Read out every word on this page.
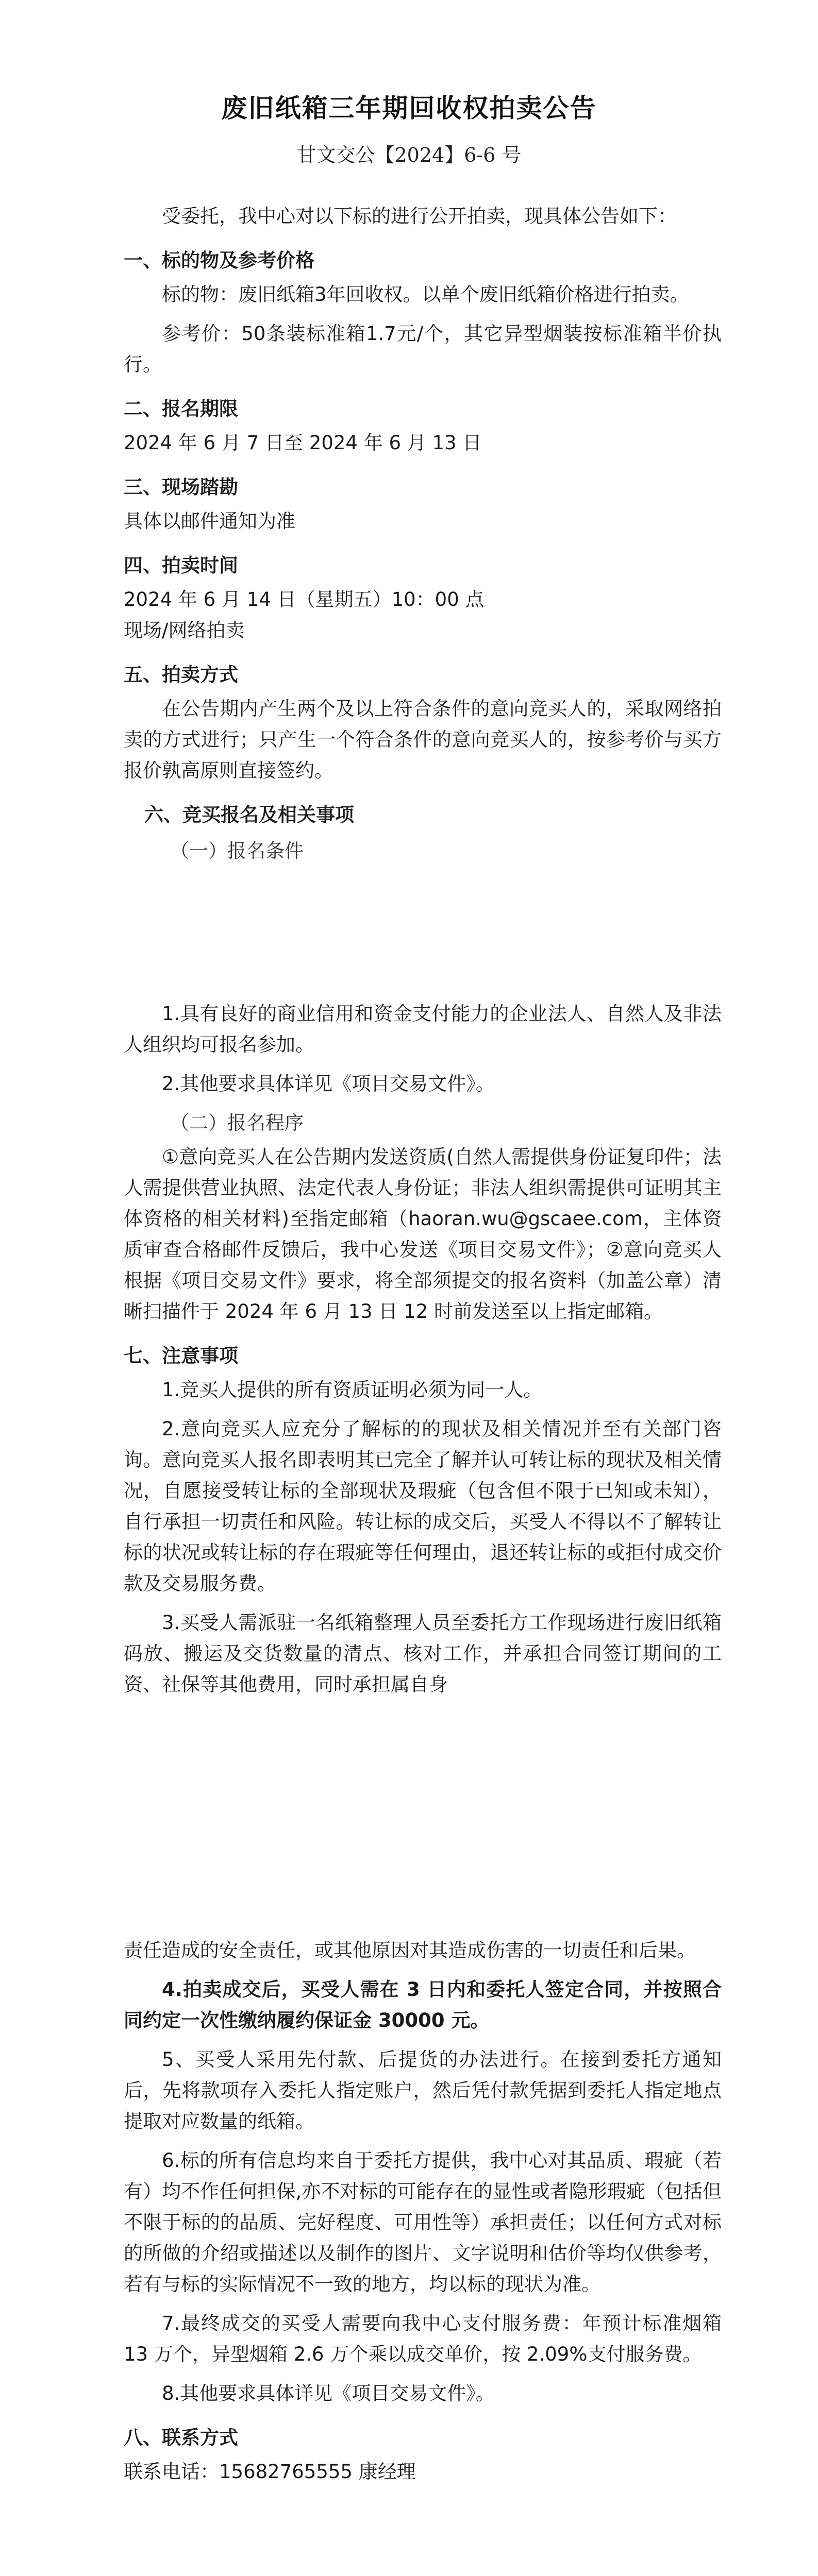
废旧纸箱三年期回收权拍卖公告
甘文交公【2024】6-6 号

受委托，我中心对以下标的进行公开拍卖，现具体公告如下：

一、标的物及参考价格

标的物：废旧纸箱3年回收权。以单个废旧纸箱价格进行拍卖。

参考价：50条装标准箱1.7元/个，其它异型烟装按标准箱半价执行。

二、报名期限

2024 年 6 月 7 日至 2024 年 6 月 13 日

三、现场踏勘

具体以邮件通知为准

四、拍卖时间

2024 年 6 月 14 日（星期五）10：00 点

现场/网络拍卖

五、拍卖方式

在公告期内产生两个及以上符合条件的意向竞买人的，采取网络拍卖的方式进行；只产生一个符合条件的意向竞买人的，按参考价与买方报价孰高原则直接签约。

六、竞买报名及相关事项
（一）报名条件

1.具有良好的商业信用和资金支付能力的企业法人、自然人及非法人组织均可报名参加。

2.其他要求具体详见《项目交易文件》。

（二）报名程序

①意向竞买人在公告期内发送资质(自然人需提供身份证复印件；法人需提供营业执照、法定代表人身份证；非法人组织需提供可证明其主体资格的相关材料)至指定邮箱（haoran.wu@gscaee.com，主体资质审查合格邮件反馈后，我中心发送《项目交易文件》；②意向竞买人根据《项目交易文件》要求，将全部须提交的报名资料（加盖公章）清晰扫描件于 2024 年 6 月 13 日 12 时前发送至以上指定邮箱。

七、注意事项

1.竞买人提供的所有资质证明必须为同一人。

2.意向竞买人应充分了解标的的现状及相关情况并至有关部门咨询。意向竞买人报名即表明其已完全了解并认可转让标的现状及相关情况，自愿接受转让标的全部现状及瑕疵（包含但不限于已知或未知），自行承担一切责任和风险。转让标的成交后，买受人不得以不了解转让标的状况或转让标的存在瑕疵等任何理由，退还转让标的或拒付成交价款及交易服务费。

3.买受人需派驻一名纸箱整理人员至委托方工作现场进行废旧纸箱码放、搬运及交货数量的清点、核对工作，并承担合同签订期间的工资、社保等其他费用，同时承担属自身

责任造成的安全责任，或其他原因对其造成伤害的一切责任和后果。

4.拍卖成交后，买受人需在 3 日内和委托人签定合同，并按照合同约定一次性缴纳履约保证金 30000 元。

5、买受人采用先付款、后提货的办法进行。在接到委托方通知后，先将款项存入委托人指定账户，然后凭付款凭据到委托人指定地点提取对应数量的纸箱。

6.标的所有信息均来自于委托方提供，我中心对其品质、瑕疵（若有）均不作任何担保,亦不对标的可能存在的显性或者隐形瑕疵（包括但不限于标的的品质、完好程度、可用性等）承担责任；以任何方式对标的所做的介绍或描述以及制作的图片、文字说明和估价等均仅供参考，若有与标的实际情况不一致的地方，均以标的现状为准。

7.最终成交的买受人需要向我中心支付服务费：年预计标准烟箱 13 万个，异型烟箱 2.6 万个乘以成交单价，按 2.09%支付服务费。

8.其他要求具体详见《项目交易文件》。

八、联系方式

联系电话：15682765555 康经理
